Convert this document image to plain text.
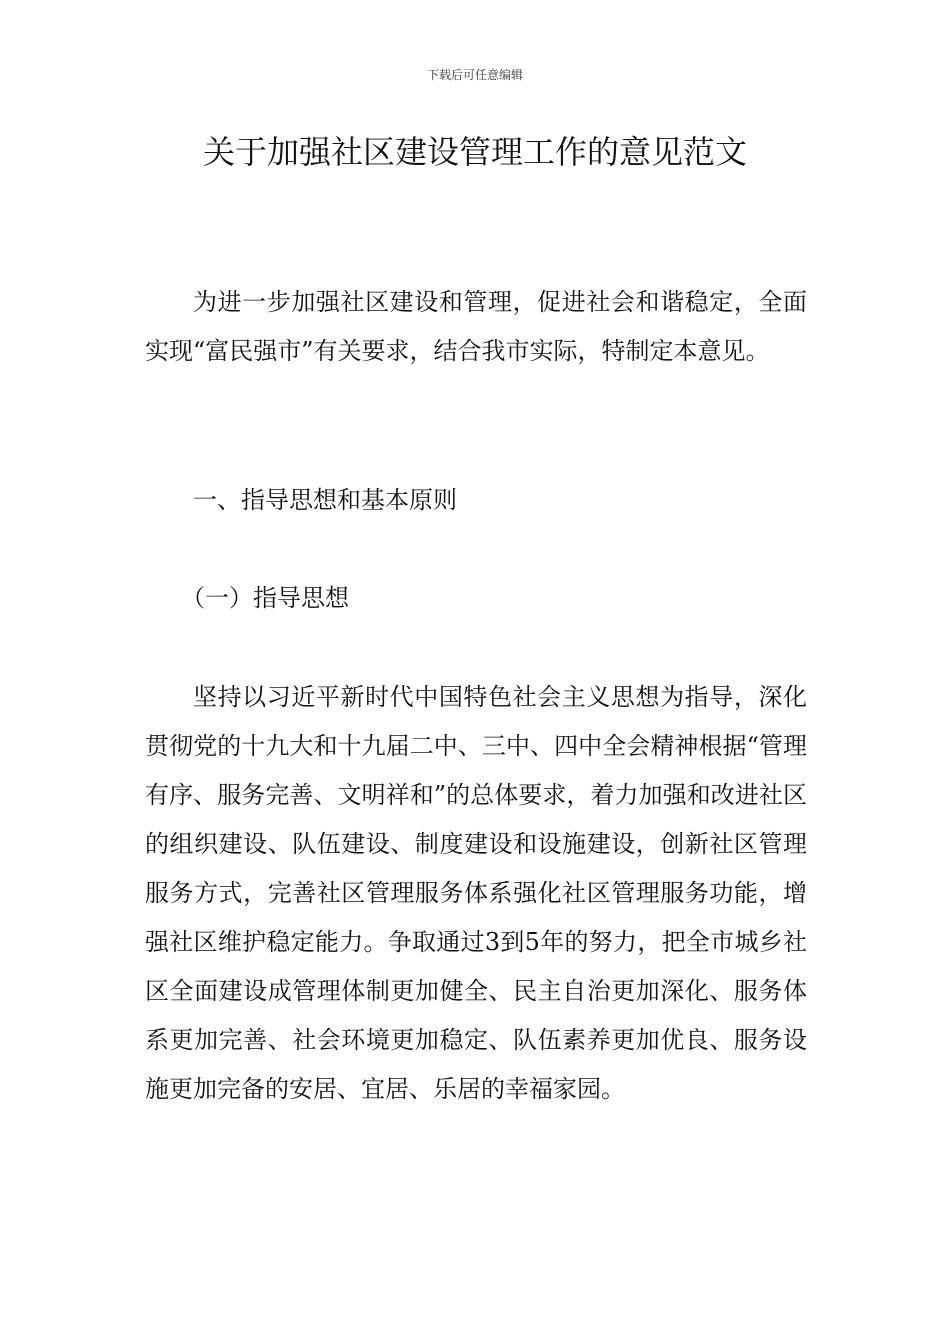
下载后可任意编辑
关于加强社区建设管理工作的意见范文

为进一步加强社区建设和管理，促进社会和谐稳定，全面实现“富民强市”有关要求，结合我市实际，特制定本意见。

一、指导思想和基本原则

（一）指导思想

坚持以习近平新时代中国特色社会主义思想为指导，深化贯彻党的十九大和十九届二中、三中、四中全会精神根据“管理有序、服务完善、文明祥和”的总体要求，着力加强和改进社区的组织建设、队伍建设、制度建设和设施建设，创新社区管理服务方式，完善社区管理服务体系强化社区管理服务功能，增强社区维护稳定能力。争取通过3到5年的努力，把全市城乡社区全面建设成管理体制更加健全、民主自治更加深化、服务体系更加完善、社会环境更加稳定、队伍素养更加优良、服务设施更加完备的安居、宜居、乐居的幸福家园。
